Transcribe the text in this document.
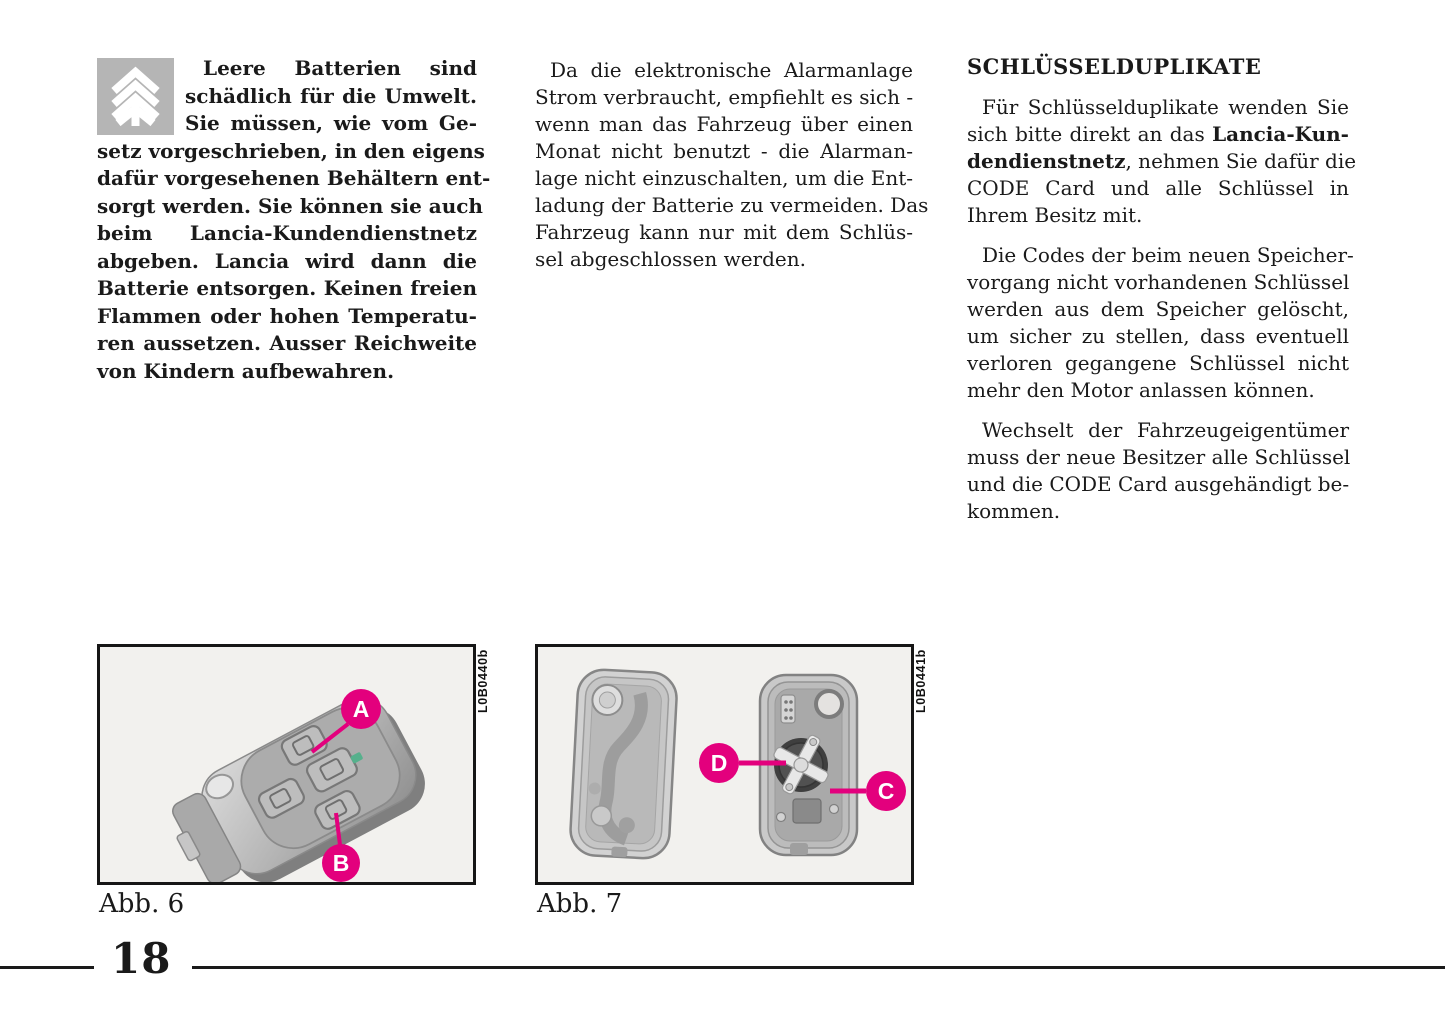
Leere Batterien sind
schädlich für die Umwelt.
Sie müssen, wie vom Ge-
setz vorgeschrieben, in den eigens
dafür vorgesehenen Behältern ent-
sorgt werden. Sie können sie auch
beim Lancia-Kundendienstnetz
abgeben. Lancia wird dann die
Batterie entsorgen. Keinen freien
Flammen oder hohen Temperatu-
ren aussetzen. Ausser Reichweite
von Kindern aufbewahren.
Da die elektronische Alarmanlage
Strom verbraucht, empfiehlt es sich -
wenn man das Fahrzeug über einen
Monat nicht benutzt - die Alarman-
lage nicht einzuschalten, um die Ent-
ladung der Batterie zu vermeiden. Das
Fahrzeug kann nur mit dem Schlüs-
sel abgeschlossen werden.
SCHLÜSSELDUPLIKATE
Für Schlüsselduplikate wenden Sie
sich bitte direkt an das Lancia-Kun-
dendienstnetz, nehmen Sie dafür die
CODE Card und alle Schlüssel in
Ihrem Besitz mit.
Die Codes der beim neuen Speicher-
vorgang nicht vorhandenen Schlüssel
werden aus dem Speicher gelöscht,
um sicher zu stellen, dass eventuell
verloren gegangene Schlüssel nicht
mehr den Motor anlassen können.
Wechselt der Fahrzeugeigentümer
muss der neue Besitzer alle Schlüssel
und die CODE Card ausgehändigt be-
kommen.
A
B
L0B0440b
Abb. 6
D
C
L0B0441b
Abb. 7
18
